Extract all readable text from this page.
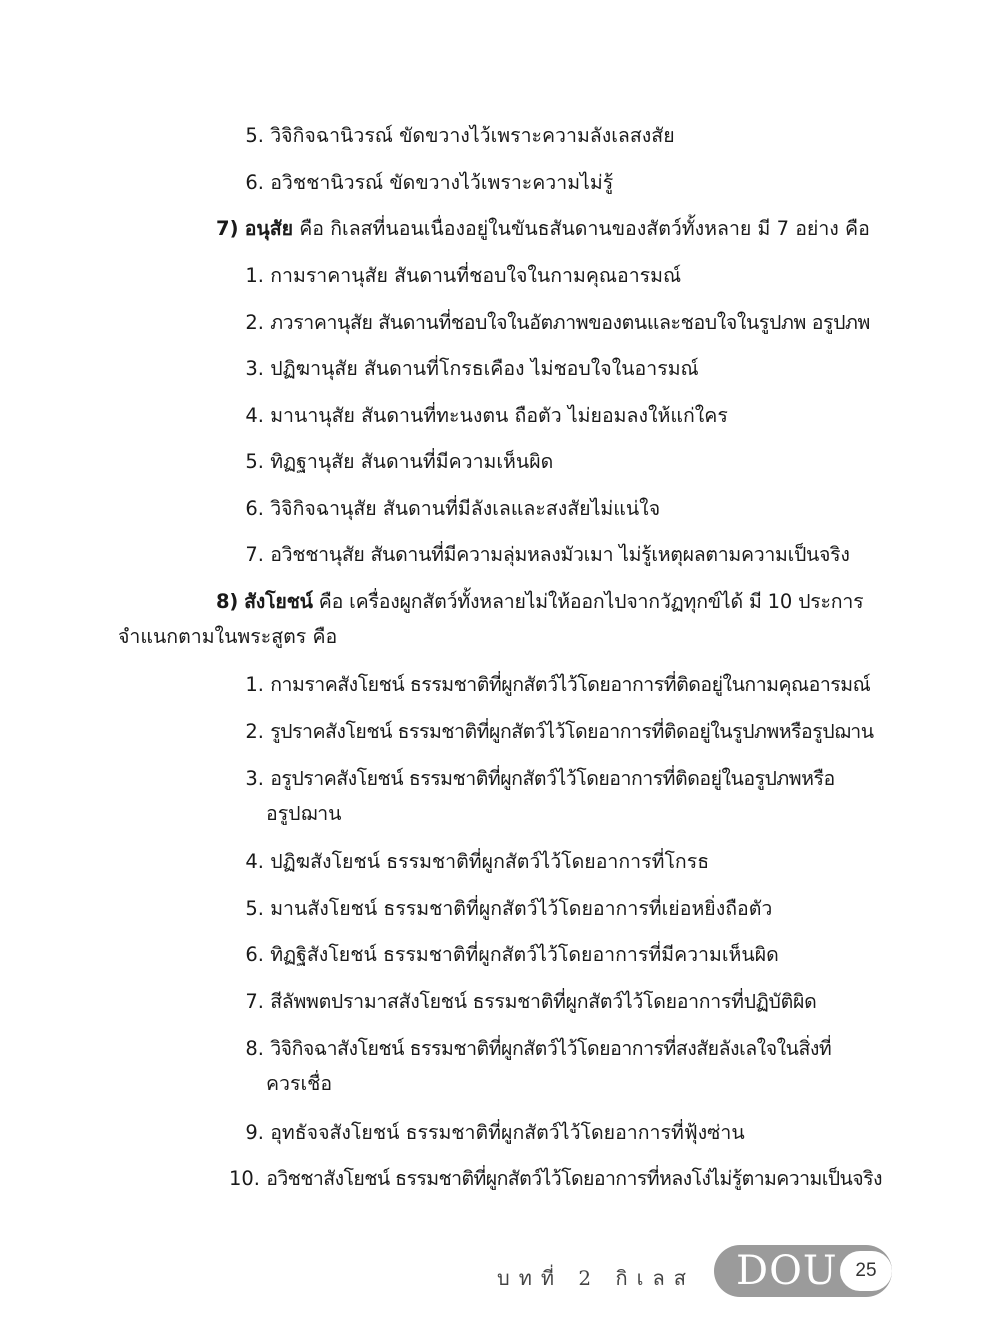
5. วิจิกิจฉานิวรณ์ ขัดขวางไว้เพราะความลังเลสงสัย
6. อวิชชานิวรณ์ ขัดขวางไว้เพราะความไม่รู้
7) อนุสัย คือ กิเลสที่นอนเนื่องอยู่ในขันธสันดานของสัตว์ทั้งหลาย มี 7 อย่าง คือ
1. กามราคานุสัย สันดานที่ชอบใจในกามคุณอารมณ์
2. ภวราคานุสัย สันดานที่ชอบใจในอัตภาพของตนและชอบใจในรูปภพ อรูปภพ
3. ปฏิฆานุสัย สันดานที่โกรธเคือง ไม่ชอบใจในอารมณ์
4. มานานุสัย สันดานที่ทะนงตน ถือตัว ไม่ยอมลงให้แก่ใคร
5. ทิฏฐานุสัย สันดานที่มีความเห็นผิด
6. วิจิกิจฉานุสัย สันดานที่มีลังเลและสงสัยไม่แน่ใจ
7. อวิชชานุสัย สันดานที่มีความลุ่มหลงมัวเมา ไม่รู้เหตุผลตามความเป็นจริง
8) สังโยชน์ คือ เครื่องผูกสัตว์ทั้งหลายไม่ให้ออกไปจากวัฏทุกข์ได้ มี 10 ประการ
จำแนกตามในพระสูตร คือ
1. กามราคสังโยชน์ ธรรมชาติที่ผูกสัตว์ไว้โดยอาการที่ติดอยู่ในกามคุณอารมณ์
2. รูปราคสังโยชน์ ธรรมชาติที่ผูกสัตว์ไว้โดยอาการที่ติดอยู่ในรูปภพหรือรูปฌาน
3. อรูปราคสังโยชน์ ธรรมชาติที่ผูกสัตว์ไว้โดยอาการที่ติดอยู่ในอรูปภพหรือ
อรูปฌาน
4. ปฏิฆสังโยชน์ ธรรมชาติที่ผูกสัตว์ไว้โดยอาการที่โกรธ
5. มานสังโยชน์ ธรรมชาติที่ผูกสัตว์ไว้โดยอาการที่เย่อหยิ่งถือตัว
6. ทิฏฐิสังโยชน์ ธรรมชาติที่ผูกสัตว์ไว้โดยอาการที่มีความเห็นผิด
7. สีลัพพตปรามาสสังโยชน์ ธรรมชาติที่ผูกสัตว์ไว้โดยอาการที่ปฏิบัติผิด
8. วิจิกิจฉาสังโยชน์ ธรรมชาติที่ผูกสัตว์ไว้โดยอาการที่สงสัยลังเลใจในสิ่งที่
ควรเชื่อ
9. อุทธัจจสังโยชน์ ธรรมชาติที่ผูกสัตว์ไว้โดยอาการที่ฟุ้งซ่าน
10. อวิชชาสังโยชน์ ธรรมชาติที่ผูกสัตว์ไว้โดยอาการที่หลงโง่ไม่รู้ตามความเป็นจริง
บทที่ 2 กิเลส DOU 25
